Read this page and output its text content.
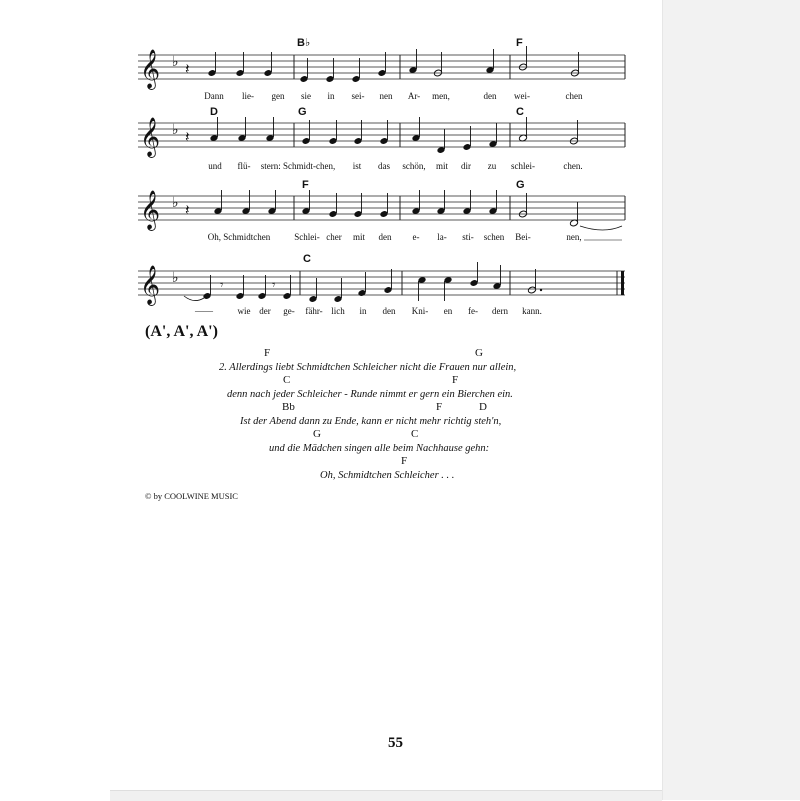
𝄞 ♭ 𝄽
B♭	F
Dann lie- gen sie in sei- nen Ar- men,	den wei-	chen
𝄞 ♭ 𝄽
D	G	C
und flü- stern: Schmidt-chen, ist das schön, mit dir zu schlei-	chen.
𝄞 ♭ 𝄽
F	G
Oh, Schmidtchen	Schlei- cher mit den e- la- sti- schen Bei-	nen,
𝄞 ♭	𝄾	𝄾
C
——	wie der ge- fähr- lich in den Kni- en fe- dern kann.
(A', A', A')
F	G
2. Allerdings liebt Schmidtchen Schleicher nicht die Frauen nur allein,
C	F
denn nach jeder Schleicher - Runde nimmt er gern ein Bierchen ein.
Bb	F	D
Ist der Abend dann zu Ende, kann er nicht mehr richtig steh'n,
G	C
und die Mädchen singen alle beim Nachhause gehn:
F
Oh, Schmidtchen Schleicher . . .
© by COOLWINE MUSIC
55
